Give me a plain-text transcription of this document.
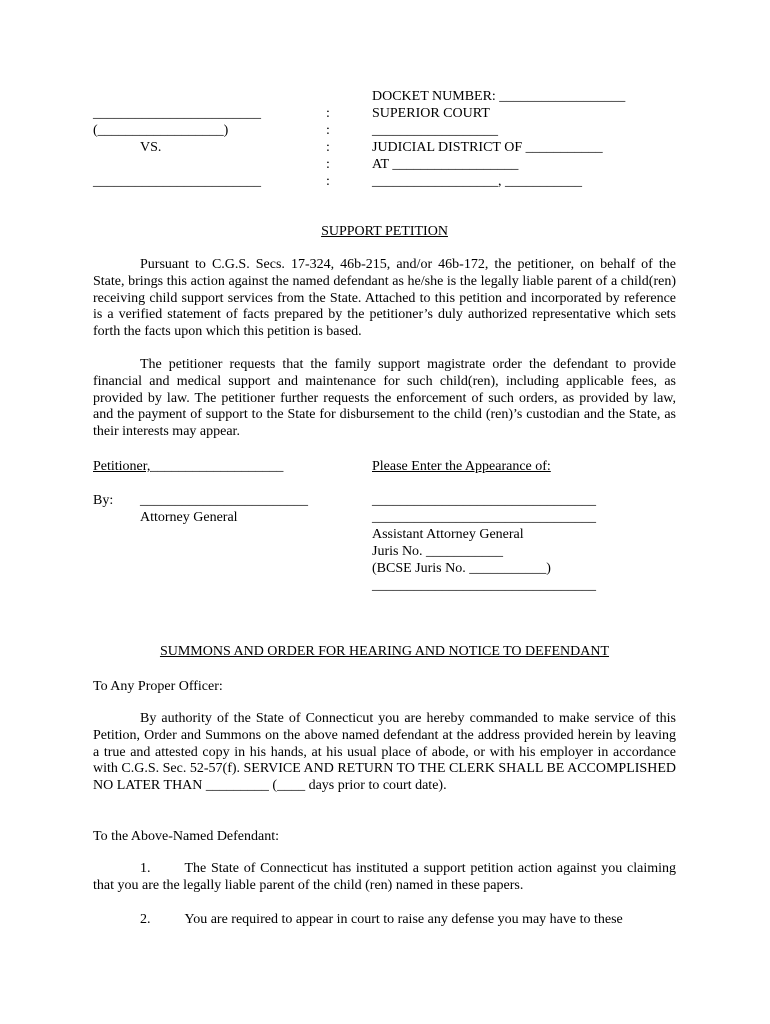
DOCKET NUMBER: __________________
________________________
(__________________)
VS.
________________________
:
:
:
:
:
SUPERIOR COURT
__________________
JUDICIAL DISTRICT OF ___________
AT __________________
__________________, ___________
SUPPORT PETITION
Pursuant to C.G.S. Secs. 17-324, 46b-215, and/or 46b-172, the petitioner, on behalf of the State, brings this action against the named defendant as he/she is the legally liable parent of a child(ren) receiving child support services from the State. Attached to this petition and incorporated by reference is a verified statement of facts prepared by the petitioner’s duly authorized representative which sets forth the facts upon which this petition is based.
The petitioner requests that the family support magistrate order the defendant to provide financial and medical support and maintenance for such child(ren), including applicable fees, as provided by law. The petitioner further requests the enforcement of such orders, as provided by law, and the payment of support to the State for disbursement to the child (ren)’s custodian and the State, as their interests may appear.
Petitioner,___________________	Please Enter the Appearance of:
By: ________________________
Attorney General
________________________________
________________________________
Assistant Attorney General
Juris No. ___________
(BCSE Juris No. ___________)
________________________________
SUMMONS AND ORDER FOR HEARING AND NOTICE TO DEFENDANT
To Any Proper Officer:
By authority of the State of Connecticut you are hereby commanded to make service of this Petition, Order and Summons on the above named defendant at the address provided herein by leaving a true and attested copy in his hands, at his usual place of abode, or with his employer in accordance with C.G.S. Sec. 52-57(f). SERVICE AND RETURN TO THE CLERK SHALL BE ACCOMPLISHED NO LATER THAN _________ (____ days prior to court date).
To the Above-Named Defendant:
1. The State of Connecticut has instituted a support petition action against you claiming that you are the legally liable parent of the child (ren) named in these papers.
2. You are required to appear in court to raise any defense you may have to these
